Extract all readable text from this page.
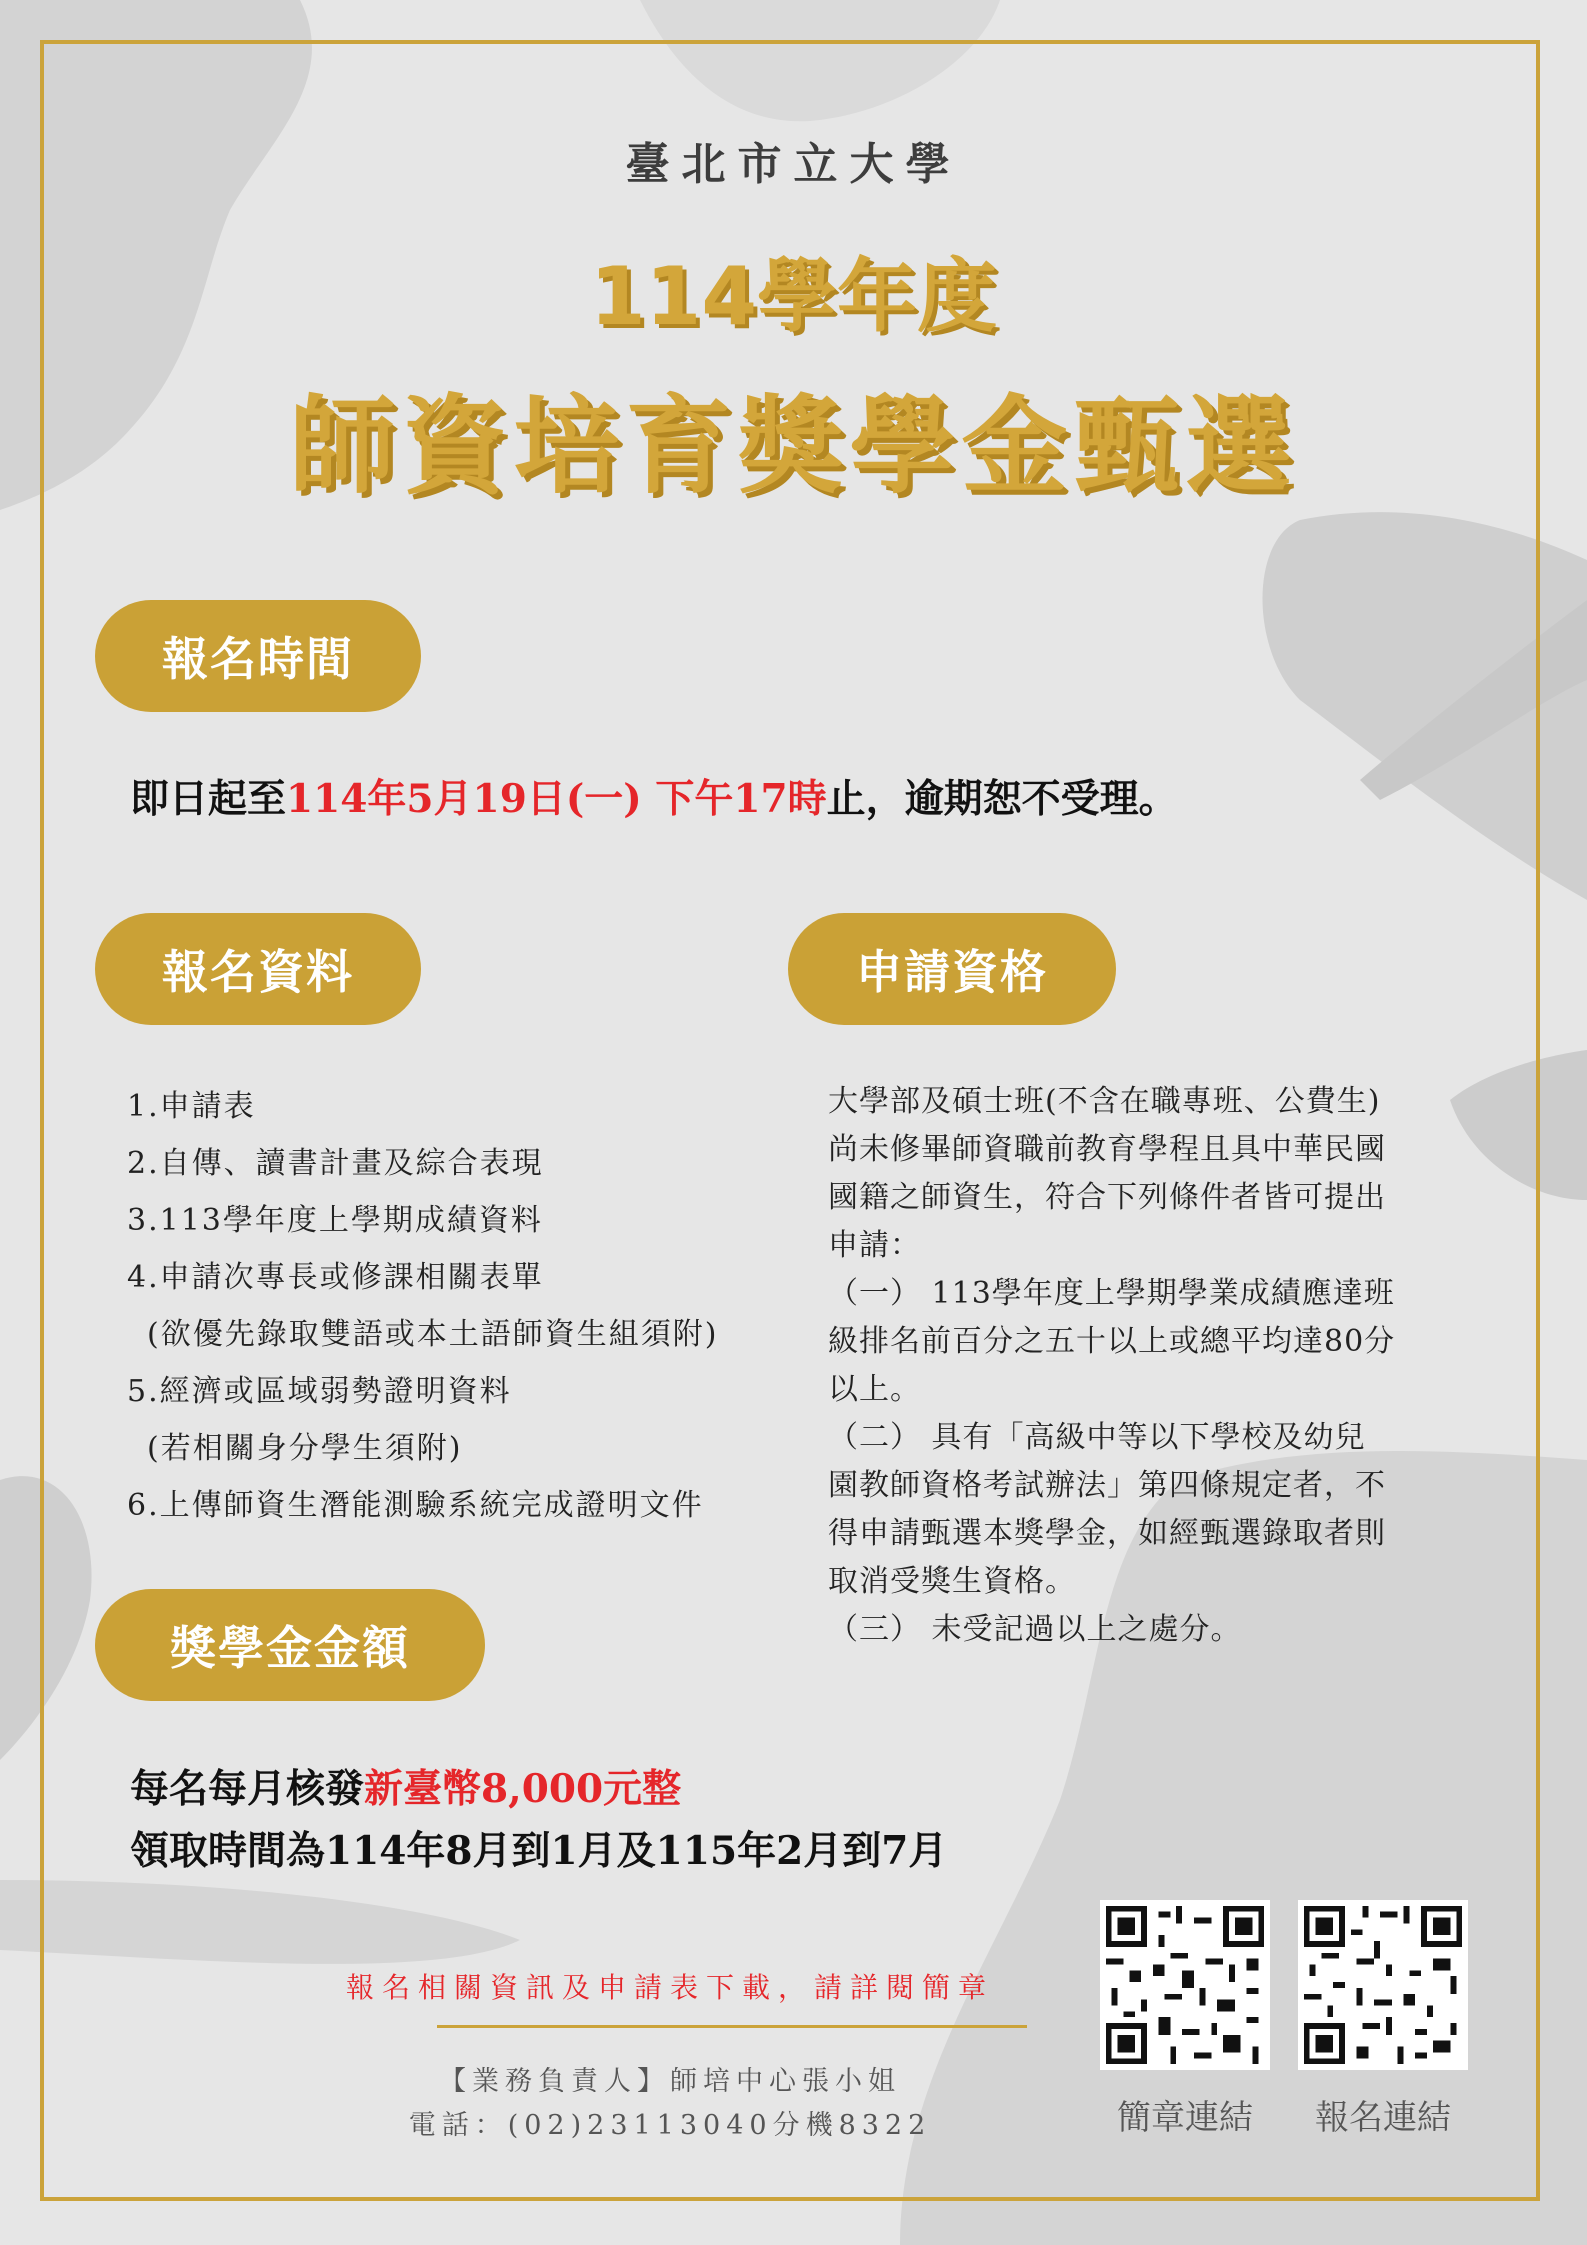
臺北市立大學
114學年度
師資培育獎學金甄選
報名時間
即日起至114年5月19日(一) 下午17時止，逾期恕不受理。
報名資料
1.申請表
2.自傳、讀書計畫及綜合表現
3.113學年度上學期成績資料
4.申請次專長或修課相關表單
(欲優先錄取雙語或本土語師資生組須附)
5.經濟或區域弱勢證明資料
(若相關身分學生須附)
6.上傳師資生潛能測驗系統完成證明文件
申請資格
大學部及碩士班(不含在職專班、公費生)
尚未修畢師資職前教育學程且具中華民國
國籍之師資生，符合下列條件者皆可提出
申請：
（一） 113學年度上學期學業成績應達班
級排名前百分之五十以上或總平均達80分
以上。
（二） 具有「高級中等以下學校及幼兒
園教師資格考試辦法」第四條規定者，不
得申請甄選本獎學金，如經甄選錄取者則
取消受獎生資格。
（三） 未受記過以上之處分。
獎學金金額
每名每月核發新臺幣8,000元整
領取時間為114年8月到1月及115年2月到7月
報名相關資訊及申請表下載，請詳閱簡章
【業務負責人】師培中心張小姐
電話：(02)23113040分機8322	簡章連結	報名連結
